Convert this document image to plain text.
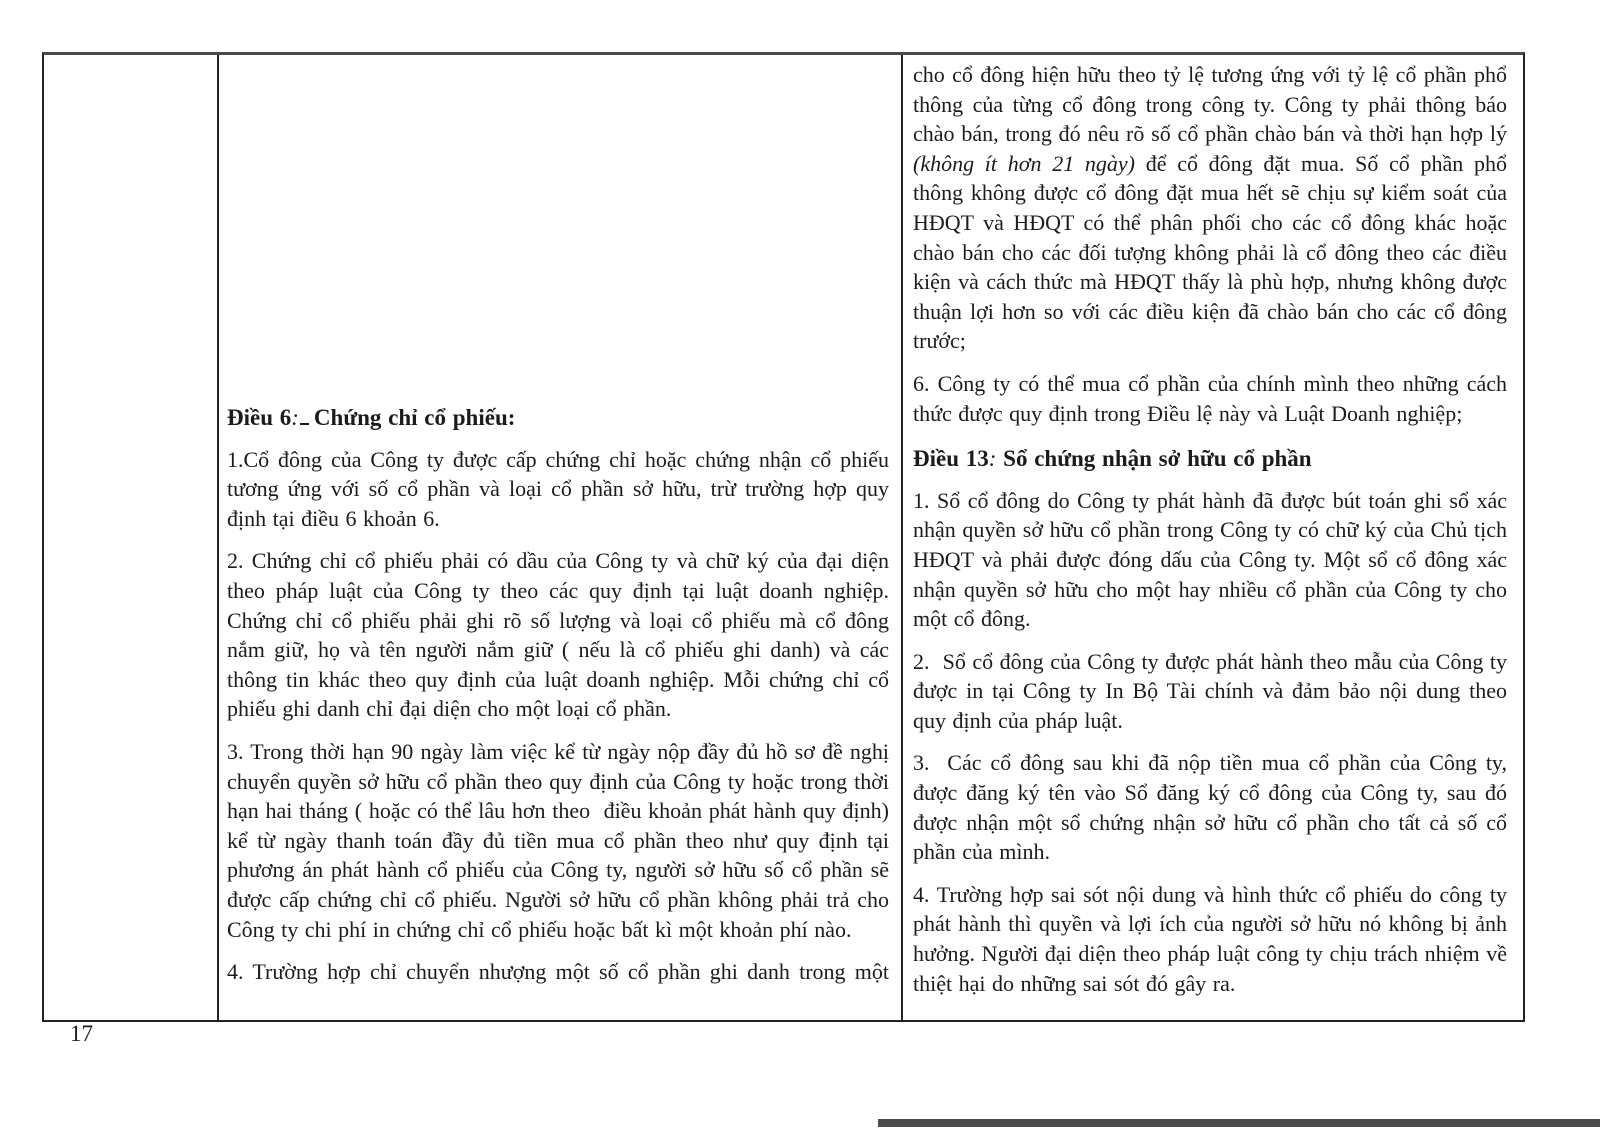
Điều 6: Chứng chỉ cổ phiếu:

1.Cổ đông của Công ty được cấp chứng chỉ hoặc chứng nhận cổ phiếu tương ứng với số cổ phần và loại cổ phần sở hữu, trừ trường hợp quy định tại điều 6 khoản 6.

2. Chứng chỉ cổ phiếu phải có dầu của Công ty và chữ ký của đại diện theo pháp luật của Công ty theo các quy định tại luật doanh nghiệp. Chứng chỉ cổ phiếu phải ghi rõ số lượng và loại cổ phiếu mà cổ đông nắm giữ, họ và tên người nắm giữ ( nếu là cổ phiếu ghi danh) và các thông tin khác theo quy định của luật doanh nghiệp. Mỗi chứng chỉ cổ phiếu ghi danh chỉ đại diện cho một loại cổ phần.

3. Trong thời hạn 90 ngày làm việc kể từ ngày nộp đầy đủ hồ sơ đề nghị chuyển quyền sở hữu cổ phần theo quy định của Công ty hoặc trong thời hạn hai tháng ( hoặc có thể lâu hơn theo  điều khoản phát hành quy định) kể từ ngày thanh toán đầy đủ tiền mua cổ phần theo như quy định tại phương án phát hành cổ phiếu của Công ty, người sở hữu số cổ phần sẽ được cấp chứng chỉ cổ phiếu. Người sở hữu cổ phần không phải trả cho Công ty chi phí in chứng chỉ cổ phiếu hoặc bất kì một khoản phí nào.

4. Trường hợp chỉ chuyển nhượng một số cổ phần ghi danh trong một

cho cổ đông hiện hữu theo tỷ lệ tương ứng với tỷ lệ cổ phần phổ thông của từng cổ đông trong công ty. Công ty phải thông báo chào bán, trong đó nêu rõ số cổ phần chào bán và thời hạn hợp lý (không ít hơn 21 ngày) để cổ đông đặt mua. Số cổ phần phổ thông không được cổ đông đặt mua hết sẽ chịu sự kiểm soát của HĐQT và HĐQT có thể phân phối cho các cổ đông khác hoặc chào bán cho các đối tượng không phải là cổ đông theo các điều kiện và cách thức mà HĐQT thấy là phù hợp, nhưng không được thuận lợi hơn so với các điều kiện đã chào bán cho các cổ đông trước;

6. Công ty có thể mua cổ phần của chính mình theo những cách thức được quy định trong Điều lệ này và Luật Doanh nghiệp;

Điều 13: Sổ chứng nhận sở hữu cổ phần

1. Sổ cổ đông do Công ty phát hành đã được bút toán ghi sổ xác nhận quyền sở hữu cổ phần trong Công ty có chữ ký của Chủ tịch HĐQT và phải được đóng dấu của Công ty. Một sổ cổ đông xác nhận quyền sở hữu cho một hay nhiều cổ phần của Công ty cho một cổ đông.

2.  Sổ cổ đông của Công ty được phát hành theo mẫu của Công ty được in tại Công ty In Bộ Tài chính và đảm bảo nội dung theo quy định của pháp luật.

3.  Các cổ đông sau khi đã nộp tiền mua cổ phần của Công ty, được đăng ký tên vào Sổ đăng ký cổ đông của Công ty, sau đó được nhận một sổ chứng nhận sở hữu cổ phần cho tất cả số cổ phần của mình.

4. Trường hợp sai sót nội dung và hình thức cổ phiếu do công ty phát hành thì quyền và lợi ích của người sở hữu nó không bị ảnh hưởng. Người đại diện theo pháp luật công ty chịu trách nhiệm về thiệt hại do những sai sót đó gây ra.

17
